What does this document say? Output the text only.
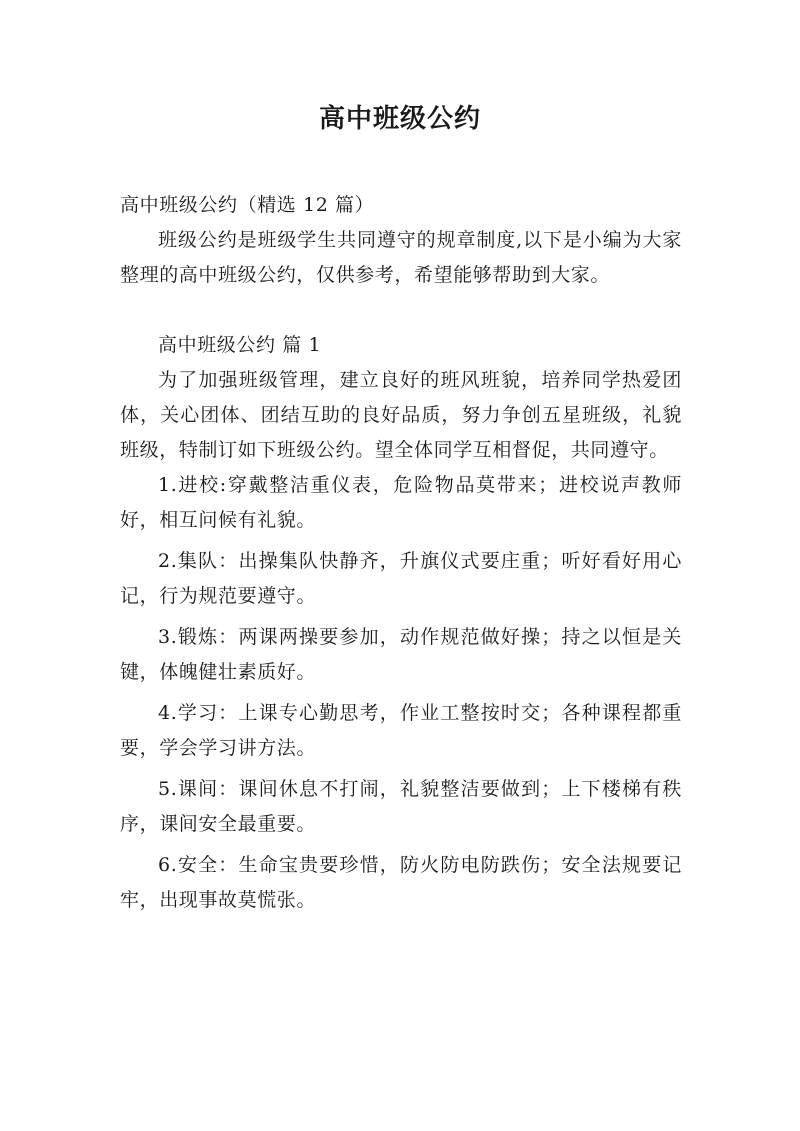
高中班级公约

高中班级公约（精选 12 篇）

班级公约是班级学生共同遵守的规章制度,以下是小编为大家整理的高中班级公约，仅供参考，希望能够帮助到大家。

高中班级公约 篇 1

为了加强班级管理，建立良好的班风班貌，培养同学热爱团体，关心团体、团结互助的良好品质，努力争创五星班级，礼貌班级，特制订如下班级公约。望全体同学互相督促，共同遵守。

1.进校:穿戴整洁重仪表，危险物品莫带来；进校说声教师好，相互问候有礼貌。
2.集队：出操集队快静齐，升旗仪式要庄重；听好看好用心记，行为规范要遵守。
3.锻炼：两课两操要参加，动作规范做好操；持之以恒是关键，体魄健壮素质好。
4.学习：上课专心勤思考，作业工整按时交；各种课程都重要，学会学习讲方法。
5.课间：课间休息不打闹，礼貌整洁要做到；上下楼梯有秩序，课间安全最重要。
6.安全：生命宝贵要珍惜，防火防电防跌伤；安全法规要记牢，出现事故莫慌张。
